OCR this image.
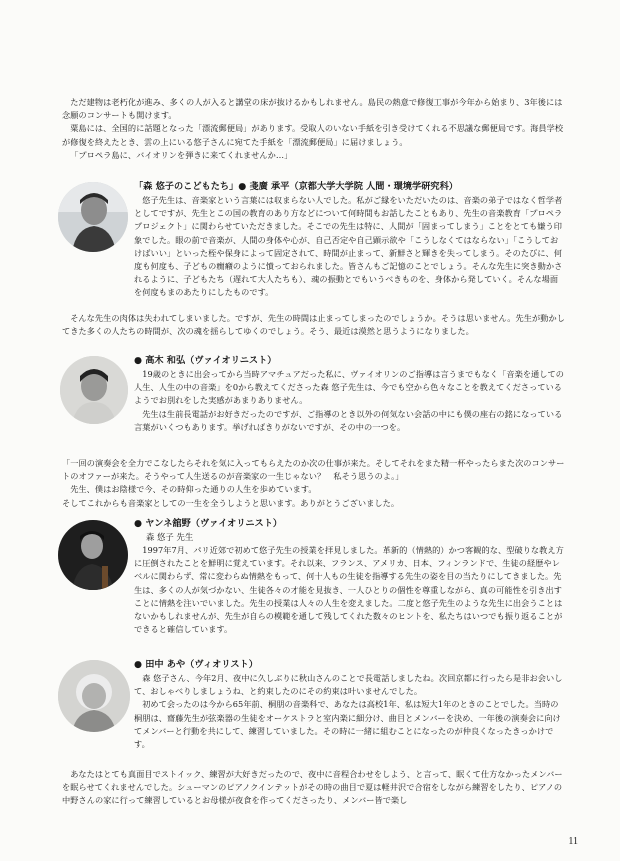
ただ建物は老朽化が進み、多くの人が入ると講堂の床が抜けるかもしれません。島民の熱意で修復工事が今年から始まり、3年後には念願のコンサートも開けます。

粟島には、全国的に話題となった「漂流郵便局」があります。受取人のいない手紙を引き受けてくれる不思議な郵便局です。海員学校が修復を終えたとき、雲の上にいる悠子さんに宛てた手紙を「漂流郵便局」に届けましょう。

「プロペラ島に、バイオリンを弾きに来てくれませんか…」

「森 悠子のこどもたち」● 戔廣 承平（京都大学大学院 人間・環境学研究科）

悠子先生は、音楽家という言葉には収まらない人でした。私がご縁をいただいたのは、音楽の弟子ではなく哲学者としてですが、先生とこの国の教育のあり方などについて何時間もお話したこともあり、先生の音楽教育「プロペラプロジェクト」に関わらせていただきました。そこでの先生は特に、人間が「固まってしまう」ことをとても嫌う印象でした。眼の前で音楽が、人間の身体や心が、自己否定や自己顕示欲や「こうしなくてはならない」「こうしておけばいい」といった桎や保身によって固定されて、時間が止まって、新鮮さと輝きを失ってしまう。そのたびに、何度も何度も、子どもの癇癪のように憤っておられました。皆さんもご記憶のことでしょう。そんな先生に突き動かされるように、子どもたち（遅れて大人たちも）、魂の振動とでもいうべきものを、身体から発していく。そんな場面を何度もまのあたりにしたものです。

そんな先生の肉体は失われてしまいました。ですが、先生の時間は止まってしまったのでしょうか。そうは思いません。先生が動かしてきた多くの人たちの時間が、次の魂を揺らしてゆくのでしょう。そう、最近は漠然と思うようになりました。

● 高木 和弘（ヴァイオリニスト）

19歳のときに出会ってから当時アマチュアだった私に、ヴァイオリンのご指導は言うまでもなく「音楽を通しての人生、人生の中の音楽」を0から教えてくださった森 悠子先生は、今でも空から色々なことを教えてくださっているようでお別れをした実感があまりありません。

先生は生前長電話がお好きだったのですが、ご指導のとき以外の何気ない会話の中にも僕の座右の銘になっている言葉がいくつもあります。挙げればきりがないですが、その中の一つを。

「一回の演奏会を全力でこなしたらそれを気に入ってもらえたのか次の仕事が来た。そしてそれをまた精一杯やったらまた次のコンサートのオファーが来た。そうやって人生送るのが音楽家の一生じゃない？　私そう思うのよ。」

先生、僕はお陰様で今、その時仰った通りの人生を歩めています。

そしてこれからも音楽家としての一生を全うしようと思います。ありがとうございました。

● ヤンネ舘野（ヴァイオリニスト）

森 悠子 先生

1997年7月、パリ近郊で初めて悠子先生の授業を拝見しました。革新的（情熱的）かつ客観的な、型破りな教え方に圧倒されたことを鮮明に覚えています。それ以来、フランス、アメリカ、日本、フィンランドで、生徒の経歴やレベルに関わらず、常に変わらぬ情熱をもって、何十人もの生徒を指導する先生の姿を目の当たりにしてきました。先生は、多くの人が気づかない、生徒各々の才能を見抜き、一人ひとりの個性を尊重しながら、真の可能性を引き出すことに情熱を注いでいました。先生の授業は人々の人生を変えました。二度と悠子先生のような先生に出会うことはないかもしれませんが、先生が自らの模範を通して残してくれた数々のヒントを、私たちはいつでも振り返ることができると確信しています。

● 田中 あや（ヴィオリスト）

森 悠子さん、今年2月、夜中に久しぶりに秋山さんのことで長電話しましたね。次回京都に行ったら是非お会いして、おしゃべりしましょうね、と約束したのにその約束は叶いませんでした。

初めて会ったのは今から65年前、桐朋の音楽科で、あなたは高校1年、私は短大1年のときのことでした。当時の桐朋は、齋藤先生が弦楽器の生徒をオーケストラと室内楽に細分け、曲目とメンバーを決め、一年後の演奏会に向けてメンバーと行動を共にして、練習していました。その時に一緒に組むことになったのが仲良くなったきっかけです。

あなたはとても真面目でストイック、練習が大好きだったので、夜中に音程合わせをしよう、と言って、眠くて仕方なかったメンバーを眠らせてくれませんでした。シューマンのピアノクインテットがその時の曲目で夏は軽井沢で合宿をしながら練習をしたり、ピアノの中野さんの家に行って練習しているとお母様が夜食を作ってくださったり、メンバー皆で楽し

11
